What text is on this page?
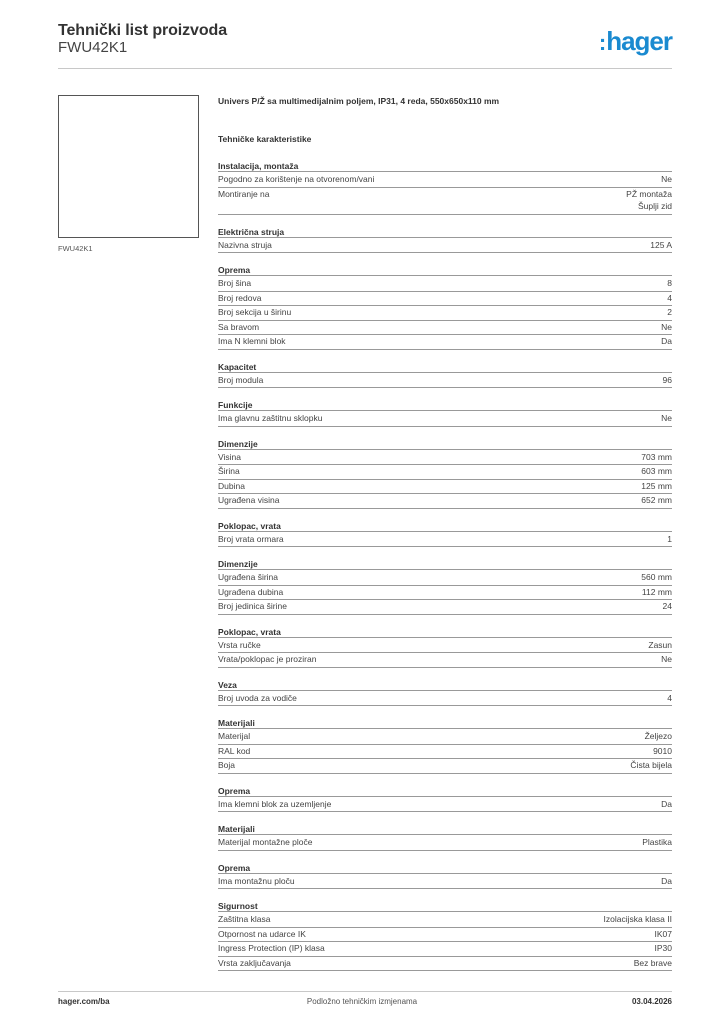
Tehnički list proizvoda
FWU42K1	:hager
FWU42K1
Univers P/Ž sa multimedijalnim poljem, IP31, 4 reda, 550x650x110 mm
Tehničke karakteristike
Instalacija, montaža
Pogodno za korištenje na otvorenom/vani	Ne
Montiranje na	PŽ montaža
Šuplji zid
Električna struja
Nazivna struja	125 A
Oprema
Broj šina	8
Broj redova	4
Broj sekcija u širinu	2
Sa bravom	Ne
Ima N klemni blok	Da
Kapacitet
Broj modula	96
Funkcije
Ima glavnu zaštitnu sklopku	Ne
Dimenzije
Visina	703 mm
Širina	603 mm
Dubina	125 mm
Ugrađena visina	652 mm
Poklopac, vrata
Broj vrata ormara	1
Dimenzije
Ugrađena širina	560 mm
Ugrađena dubina	112 mm
Broj jedinica širine	24
Poklopac, vrata
Vrsta ručke	Zasun
Vrata/poklopac je proziran	Ne
Veza
Broj uvoda za vodiče	4
Materijali
Materijal	Željezo
RAL kod	9010
Boja	Čista bijela
Oprema
Ima klemni blok za uzemljenje	Da
Materijali
Materijal montažne ploče	Plastika
Oprema
Ima montažnu ploču	Da
Sigurnost
Zaštitna klasa	Izolacijska klasa II
Otpornost na udarce IK	IK07
Ingress Protection (IP) klasa	IP30
Vrsta zaključavanja	Bez brave
hager.com/ba	Podložno tehničkim izmjenama	03.04.2026
